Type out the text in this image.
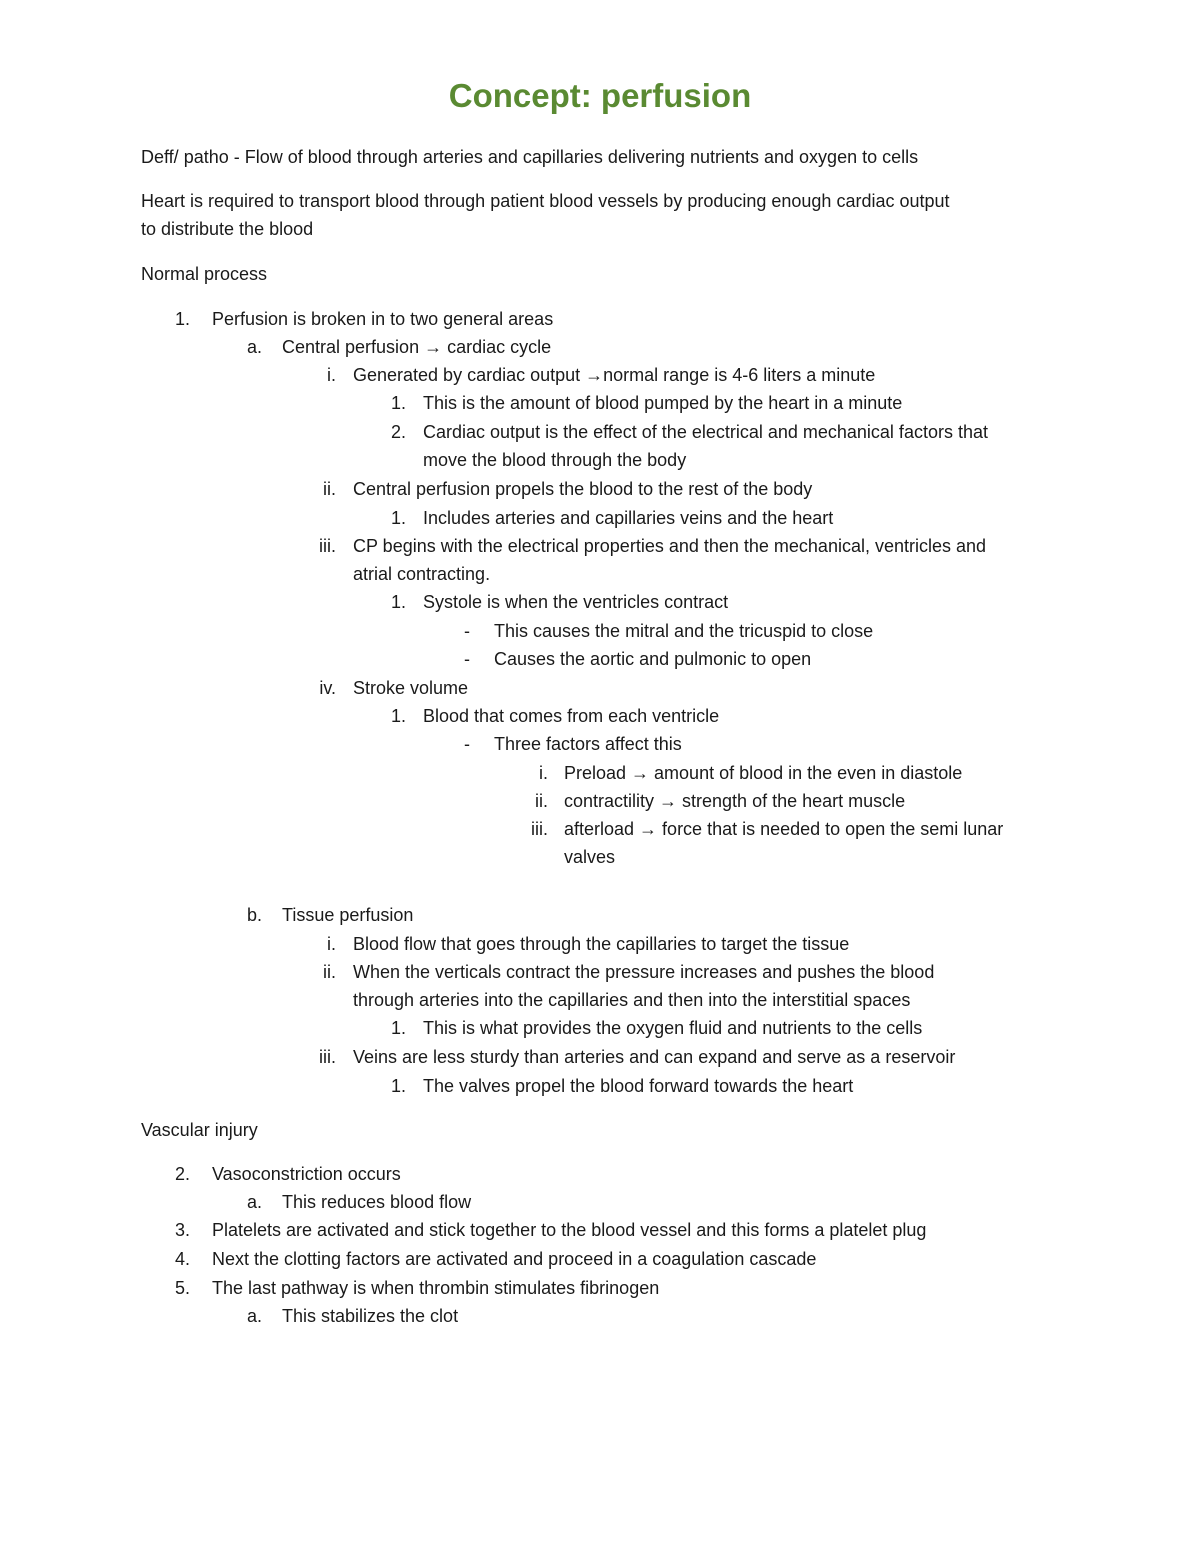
Concept: perfusion
Deff/ patho - Flow of blood through arteries and capillaries delivering nutrients and oxygen to cells
Heart is required to transport blood through patient blood vessels by producing enough cardiac output
to distribute the blood
Normal process
1. Perfusion is broken in to two general areas
a. Central perfusion → cardiac cycle
i. Generated by cardiac output →normal range is 4-6 liters a minute
1. This is the amount of blood pumped by the heart in a minute
2. Cardiac output is the effect of the electrical and mechanical factors that
move the blood through the body
ii. Central perfusion propels the blood to the rest of the body
1. Includes arteries and capillaries veins and the heart
iii. CP begins with the electrical properties and then the mechanical, ventricles and
atrial contracting.
1. Systole is when the ventricles contract
- This causes the mitral and the tricuspid to close
- Causes the aortic and pulmonic to open
iv. Stroke volume
1. Blood that comes from each ventricle
- Three factors affect this
i. Preload → amount of blood in the even in diastole
ii. contractility → strength of the heart muscle
iii. afterload → force that is needed to open the semi lunar
valves
b. Tissue perfusion
i. Blood flow that goes through the capillaries to target the tissue
ii. When the verticals contract the pressure increases and pushes the blood
through arteries into the capillaries and then into the interstitial spaces
1. This is what provides the oxygen fluid and nutrients to the cells
iii. Veins are less sturdy than arteries and can expand and serve as a reservoir
1. The valves propel the blood forward towards the heart
Vascular injury
2. Vasoconstriction occurs
a. This reduces blood flow
3. Platelets are activated and stick together to the blood vessel and this forms a platelet plug
4. Next the clotting factors are activated and proceed in a coagulation cascade
5. The last pathway is when thrombin stimulates fibrinogen
a. This stabilizes the clot
